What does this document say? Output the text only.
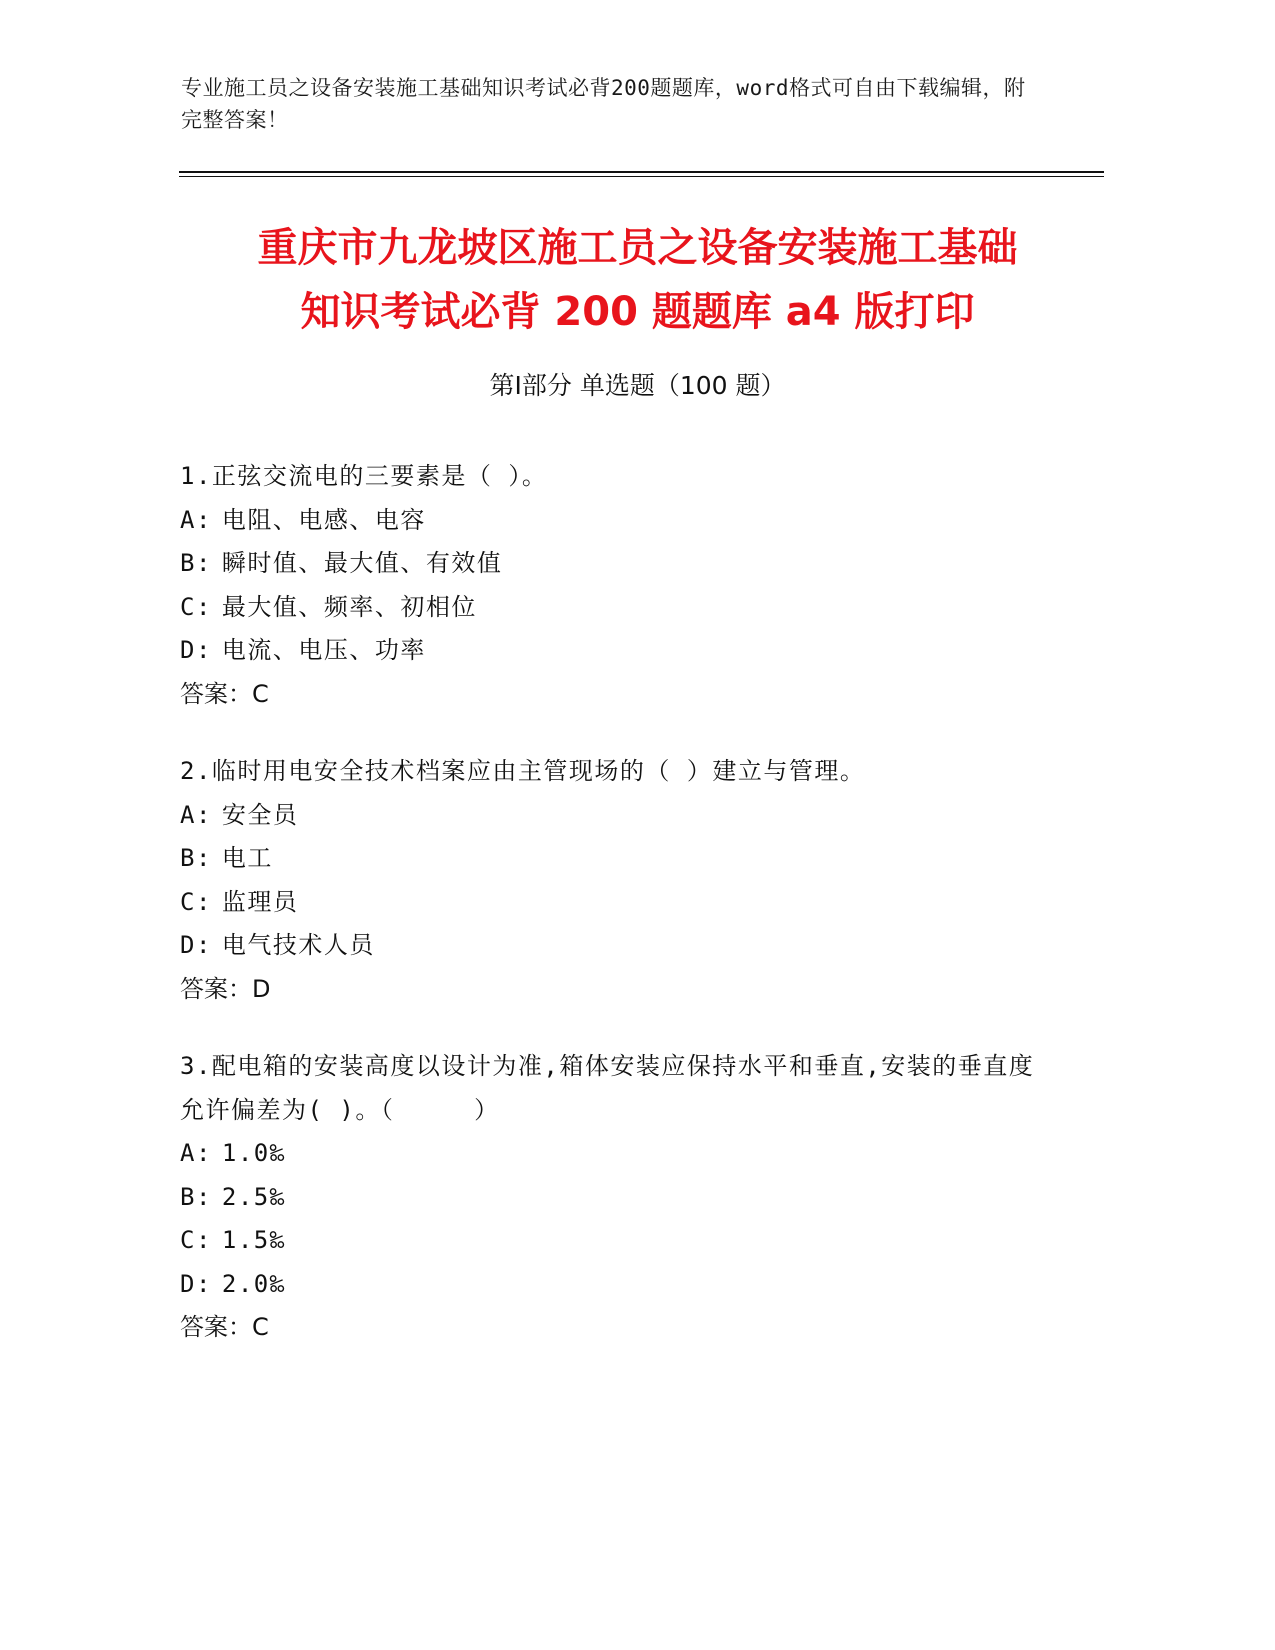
专业施工员之设备安装施工基础知识考试必背200题题库，word格式可自由下载编辑，附完整答案！
重庆市九龙坡区施工员之设备安装施工基础
知识考试必背 200 题题库 a4 版打印
第Ⅰ部分 单选题（100 题）
1.正弦交流电的三要素是（ ）。
A: 电阻、电感、电容
B: 瞬时值、最大值、有效值
C: 最大值、频率、初相位
D: 电流、电压、功率
答案：C
2.临时用电安全技术档案应由主管现场的（ ）建立与管理。
A: 安全员
B: 电工
C: 监理员
D: 电气技术人员
答案：D
3.配电箱的安装高度以设计为准,箱体安装应保持水平和垂直,安装的垂直度允许偏差为( )。（     ）
A: 1.0‰
B: 2.5‰
C: 1.5‰
D: 2.0‰
答案：C
